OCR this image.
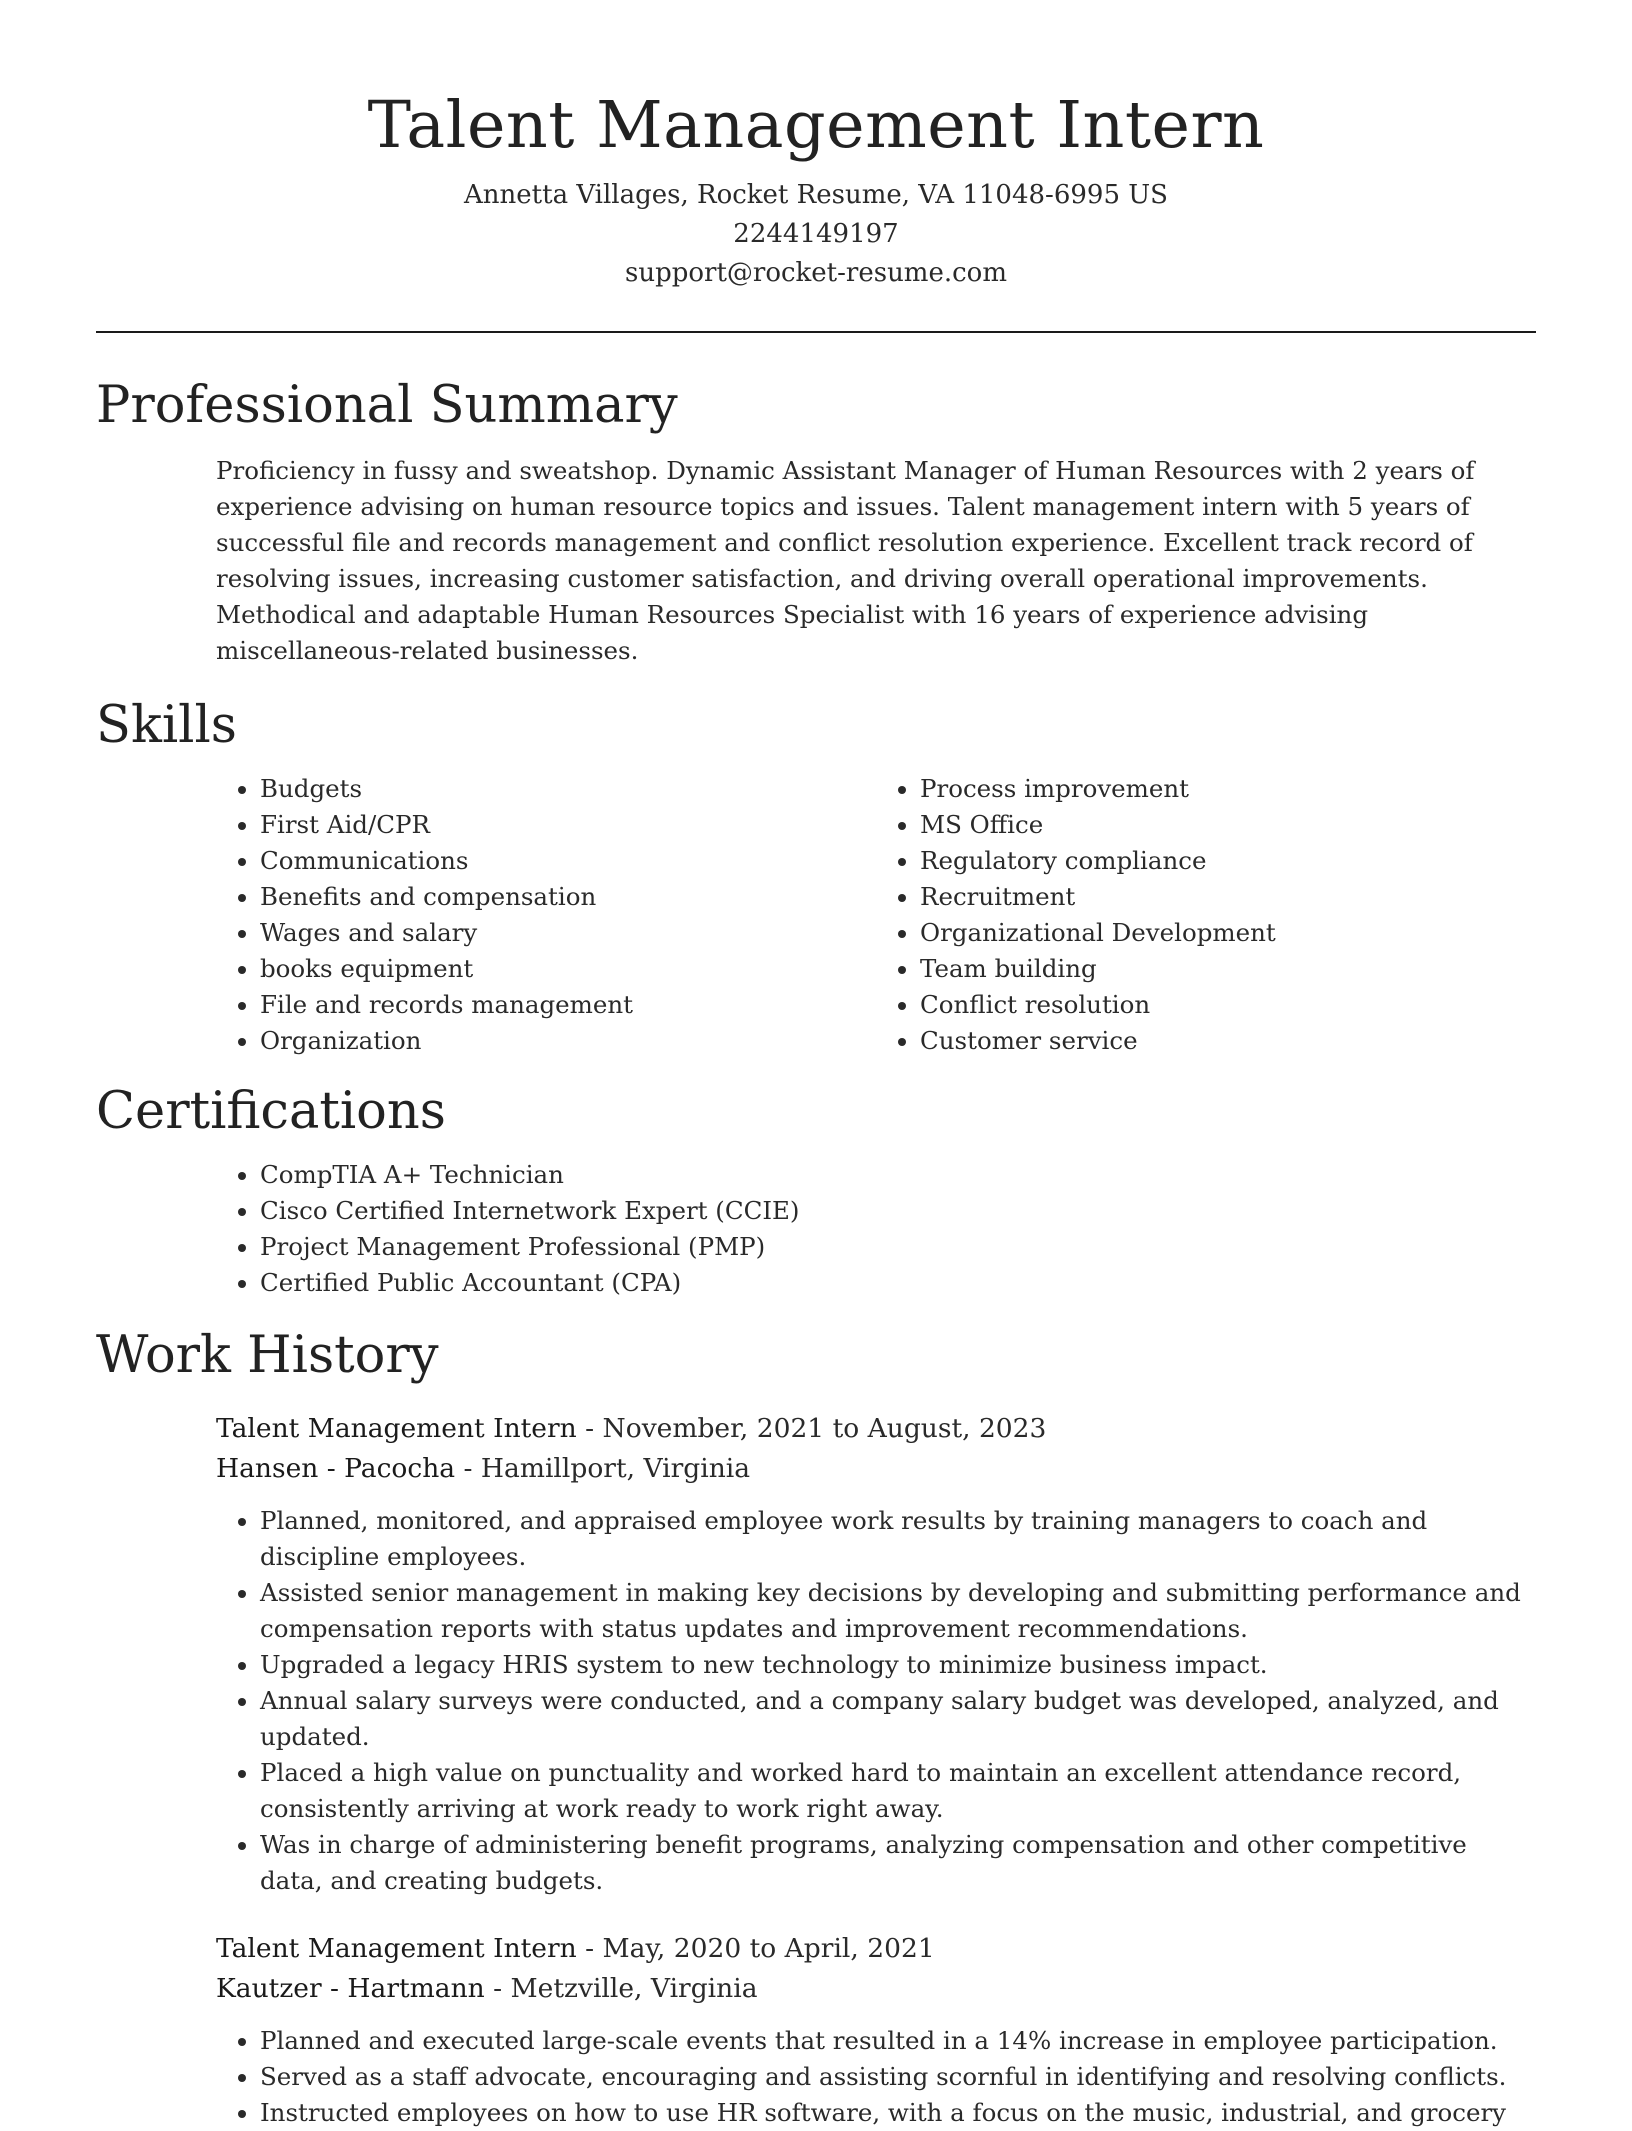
Talent Management Intern
Annetta Villages, Rocket Resume, VA 11048-6995 US
2244149197
support@rocket-resume.com
Professional Summary
Proficiency in fussy and sweatshop. Dynamic Assistant Manager of Human Resources with 2 years of experience advising on human resource topics and issues. Talent management intern with 5 years of successful file and records management and conflict resolution experience. Excellent track record of resolving issues, increasing customer satisfaction, and driving overall operational improvements. Methodical and adaptable Human Resources Specialist with 16 years of experience advising miscellaneous-related businesses.
Skills
• Budgets
• First Aid/CPR
• Communications
• Benefits and compensation
• Wages and salary
• books equipment
• File and records management
• Organization
• Process improvement
• MS Office
• Regulatory compliance
• Recruitment
• Organizational Development
• Team building
• Conflict resolution
• Customer service
Certifications
• CompTIA A+ Technician
• Cisco Certified Internetwork Expert (CCIE)
• Project Management Professional (PMP)
• Certified Public Accountant (CPA)
Work History
Talent Management Intern - November, 2021 to August, 2023
Hansen - Pacocha - Hamillport, Virginia
• Planned, monitored, and appraised employee work results by training managers to coach and discipline employees.
• Assisted senior management in making key decisions by developing and submitting performance and compensation reports with status updates and improvement recommendations.
• Upgraded a legacy HRIS system to new technology to minimize business impact.
• Annual salary surveys were conducted, and a company salary budget was developed, analyzed, and updated.
• Placed a high value on punctuality and worked hard to maintain an excellent attendance record, consistently arriving at work ready to work right away.
• Was in charge of administering benefit programs, analyzing compensation and other competitive data, and creating budgets.
Talent Management Intern - May, 2020 to April, 2021
Kautzer - Hartmann - Metzville, Virginia
• Planned and executed large-scale events that resulted in a 14% increase in employee participation.
• Served as a staff advocate, encouraging and assisting scornful in identifying and resolving conflicts.
• Instructed employees on how to use HR software, with a focus on the music, industrial, and grocery
